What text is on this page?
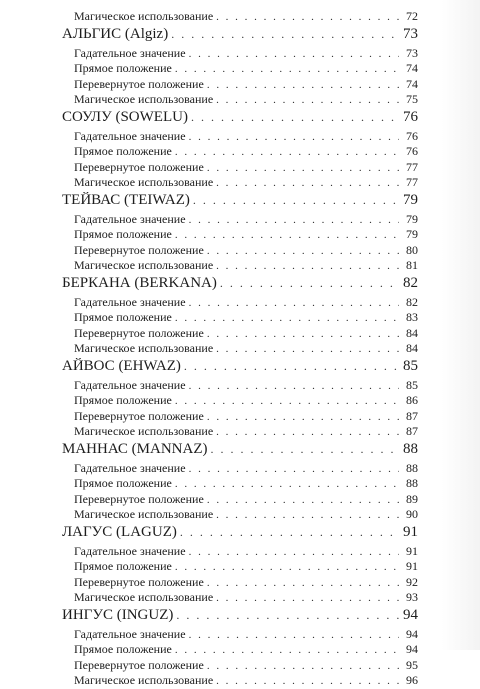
Магическое использование . . .	72
АЛЬГИС (Algiz) . . .	73
Гадательное значение . . .	73
Прямое положение . . .	74
Перевернутое положение . . .	74
Магическое использование . . .	75
СОУЛУ (SOWELU) . . .	76
Гадательное значение . . .	76
Прямое положение . . .	76
Перевернутое положение . . .	77
Магическое использование . . .	77
ТЕЙВАС (TEIWAZ) . . .	79
Гадательное значение . . .	79
Прямое положение . . .	79
Перевернутое положение . . .	80
Магическое использование . . .	81
БЕРКАНА (BERKANA) . . .	82
Гадательное значение . . .	82
Прямое положение . . .	83
Перевернутое положение . . .	84
Магическое использование . . .	84
АЙВОС (EHWAZ) . . .	85
Гадательное значение . . .	85
Прямое положение . . .	86
Перевернутое положение . . .	87
Магическое использование . . .	87
МАННАС (MANNAZ) . . .	88
Гадательное значение . . .	88
Прямое положение . . .	88
Перевернутое положение . . .	89
Магическое использование . . .	90
ЛАГУС (LAGUZ) . . .	91
Гадательное значение . . .	91
Прямое положение . . .	91
Перевернутое положение . . .	92
Магическое использование . . .	93
ИНГУС (INGUZ) . . .	94
Гадательное значение . . .	94
Прямое положение . . .	94
Перевернутое положение . . .	95
Магическое использование . . .	96
